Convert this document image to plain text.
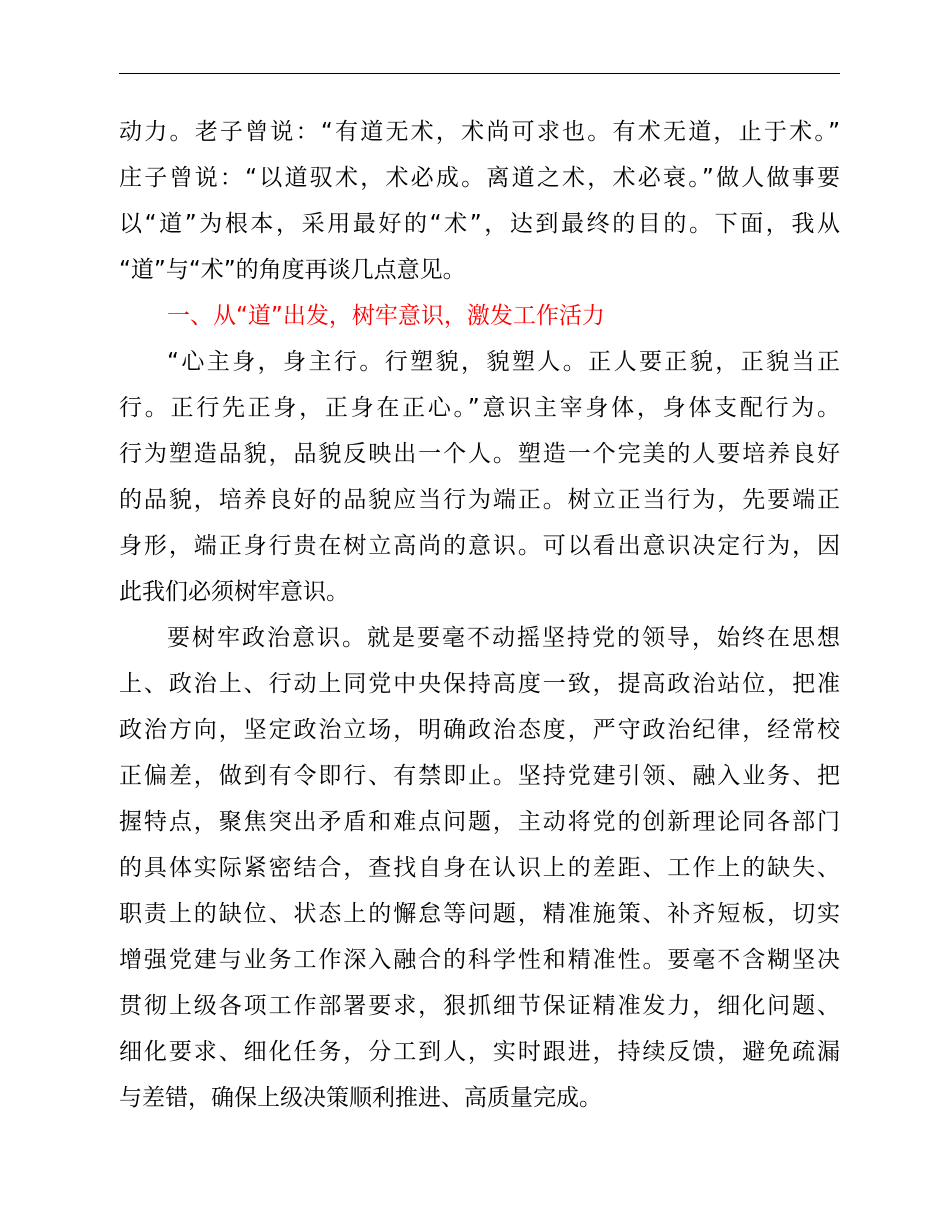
动力。老子曾说：“有道无术，术尚可求也。有术无道，止于术。”
庄子曾说：“以道驭术，术必成。离道之术，术必衰。”做人做事要
以“道”为根本，采用最好的“术”，达到最终的目的。下面，我从
“道”与“术”的角度再谈几点意见。
一、从“道”出发，树牢意识，激发工作活力
“心主身，身主行。行塑貌，貌塑人。正人要正貌，正貌当正
行。正行先正身，正身在正心。”意识主宰身体，身体支配行为。
行为塑造品貌，品貌反映出一个人。塑造一个完美的人要培养良好
的品貌，培养良好的品貌应当行为端正。树立正当行为，先要端正
身形，端正身行贵在树立高尚的意识。可以看出意识决定行为，因
此我们必须树牢意识。
要树牢政治意识。就是要毫不动摇坚持党的领导，始终在思想
上、政治上、行动上同党中央保持高度一致，提高政治站位，把准
政治方向，坚定政治立场，明确政治态度，严守政治纪律，经常校
正偏差，做到有令即行、有禁即止。坚持党建引领、融入业务、把
握特点，聚焦突出矛盾和难点问题，主动将党的创新理论同各部门
的具体实际紧密结合，查找自身在认识上的差距、工作上的缺失、
职责上的缺位、状态上的懈怠等问题，精准施策、补齐短板，切实
增强党建与业务工作深入融合的科学性和精准性。要毫不含糊坚决
贯彻上级各项工作部署要求，狠抓细节保证精准发力，细化问题、
细化要求、细化任务，分工到人，实时跟进，持续反馈，避免疏漏
与差错，确保上级决策顺利推进、高质量完成。
